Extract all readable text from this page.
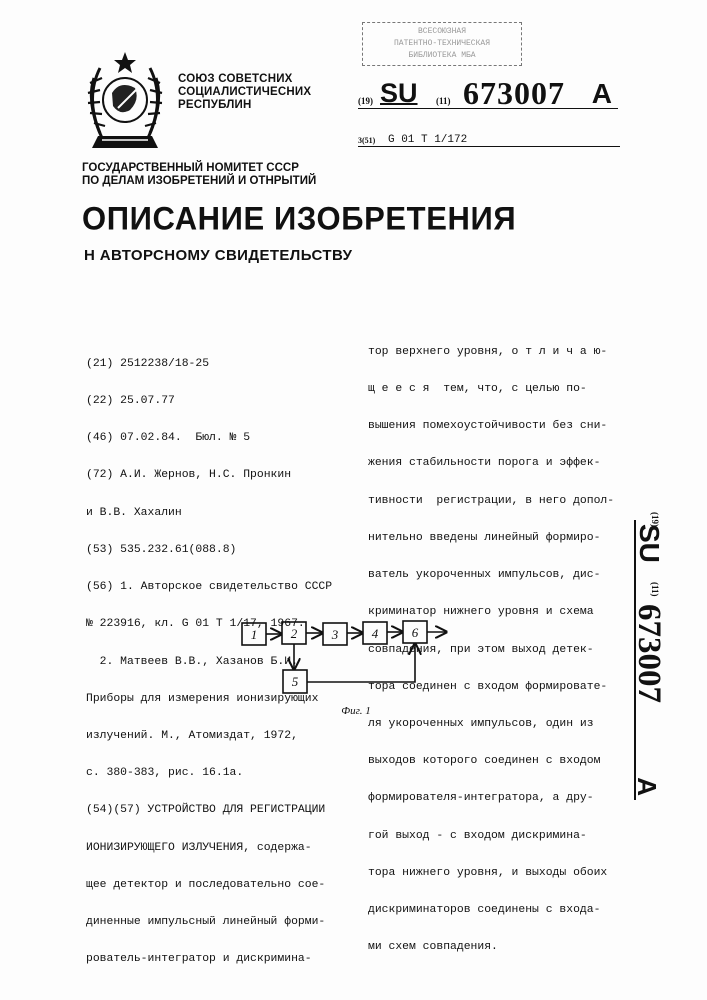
СОЮЗ СОВЕТСНИХ
СОЦИАЛИСТИЧЕСНИХ
РЕСПУБЛИН
ВСЕСОЮЗНАЯ
ПАТЕНТНО-ТЕХНИЧЕСКАЯ
БИБЛИОТЕКА МБА
(19) SU (11) 673007 A
3(51) G 01 T 1/172
ГОСУДАРСТВЕННЫЙ НОМИТЕТ СССР
ПО ДЕЛАМ ИЗОБРЕТЕНИЙ И ОТНРЫТИЙ
ОПИСАНИЕ ИЗОБРЕТЕНИЯ
Н АВТОРСНОМУ СВИДЕТЕЛЬСТВУ

(21) 2512238/18-25

(22) 25.07.77

(46) 07.02.84.  Бюл. № 5

(72) А.И. Жернов, Н.С. Пронкин

и В.В. Хахалин

(53) 535.232.61(088.8)

(56) 1. Авторское свидетельство СССР

№ 223916, кл. G 01 T 1/17, 1967.

2. Матвеев В.В., Хазанов Б.И.

Приборы для измерения ионизирующих

излучений. М., Атомиздат, 1972,

с. 380-383, рис. 16.1а.

(54)(57) УСТРОЙСТВО ДЛЯ РЕГИСТРАЦИИ

ИОНИЗИРУЮЩЕГО ИЗЛУЧЕНИЯ, содержа-

щее детектор и последовательно сое-

диненные импульсный линейный форми-

рователь-интегратор и дискримина-

тор верхнего уровня, о т л и ч а ю-

щ е е с я  тем, что, с целью по-

вышения помехоустойчивости без сни-

жения стабильности порога и эффек-

тивности  регистрации, в него допол-

нительно введены линейный формиро-

ватель укороченных импульсов, дис-

криминатор нижнего уровня и схема

совпадения, при этом выход детек-

тора соединен с входом формировате-

ля укороченных импульсов, один из

выходов которого соединен с входом

формирователя-интегратора, а дру-

гой выход - с входом дискримина-

тора нижнего уровня, и выходы обоих

дискриминаторов соединены с входа-

ми схем совпадения.

1	2	3	4	6
5
Фиг. 1
(19)
SU
(11)
673007
A
